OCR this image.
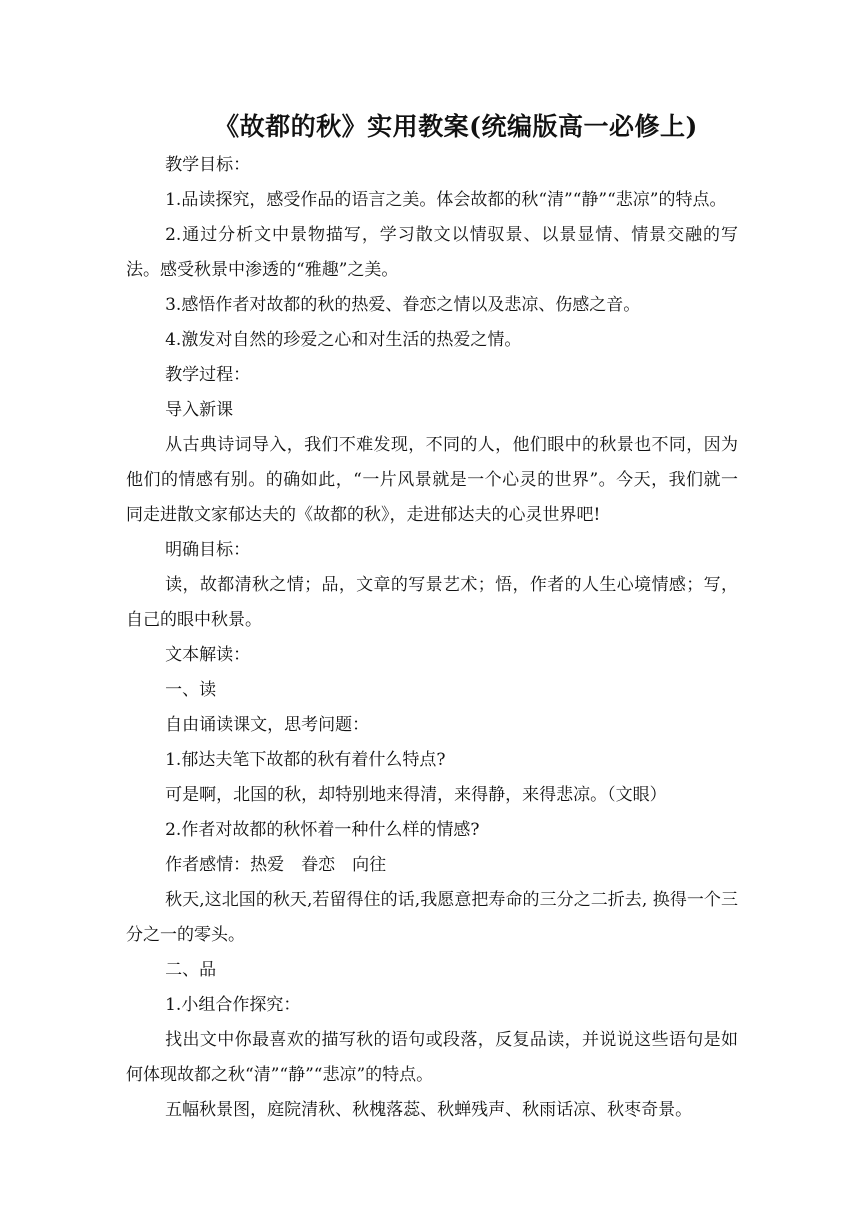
《故都的秋》实用教案(统编版高一必修上)

教学目标：

1.品读探究，感受作品的语言之美。体会故都的秋“清”“静”“悲凉”的特点。

2.通过分析文中景物描写，学习散文以情驭景、以景显情、情景交融的写法。感受秋景中渗透的“雅趣”之美。

3.感悟作者对故都的秋的热爱、眷恋之情以及悲凉、伤感之音。

4.激发对自然的珍爱之心和对生活的热爱之情。

教学过程：

导入新课

从古典诗词导入，我们不难发现，不同的人，他们眼中的秋景也不同，因为他们的情感有别。的确如此，“一片风景就是一个心灵的世界”。今天，我们就一同走进散文家郁达夫的《故都的秋》，走进郁达夫的心灵世界吧!

明确目标：

读，故都清秋之情；品，文章的写景艺术；悟，作者的人生心境情感；写，自己的眼中秋景。

文本解读：

一、读

自由诵读课文，思考问题：

1.郁达夫笔下故都的秋有着什么特点?

可是啊，北国的秋，却特别地来得清，来得静，来得悲凉。（文眼）

2.作者对故都的秋怀着一种什么样的情感?

作者感情：热爱　眷恋　向往

秋天,这北国的秋天,若留得住的话,我愿意把寿命的三分之二折去, 换得一个三分之一的零头。

二、品

1.小组合作探究：

找出文中你最喜欢的描写秋的语句或段落，反复品读，并说说这些语句是如何体现故都之秋“清”“静”“悲凉”的特点。

五幅秋景图，庭院清秋、秋槐落蕊、秋蝉残声、秋雨话凉、秋枣奇景。
